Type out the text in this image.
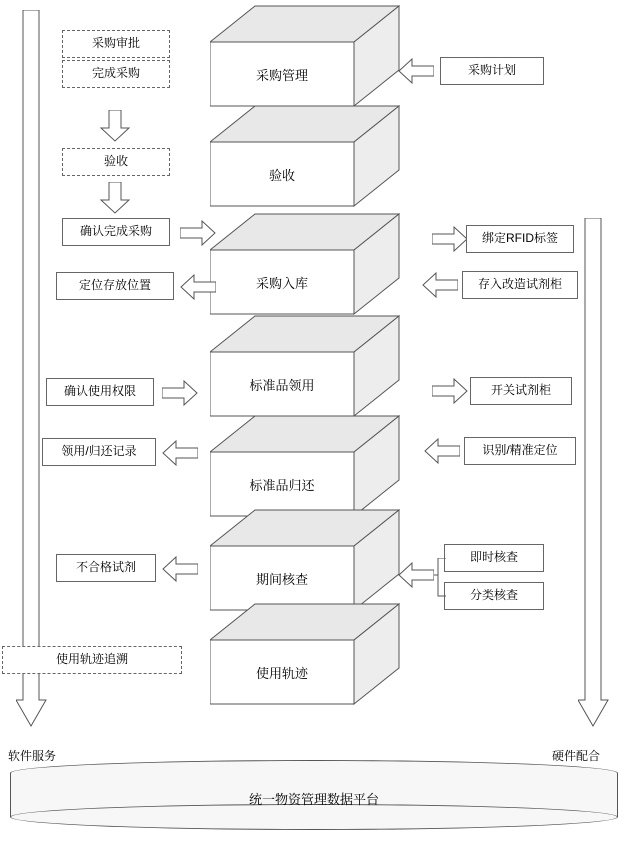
软件服务	硬件配合
采购管理
验收
采购入库
标准品领用
标准品归还
期间核查
使用轨迹
采购审批
完成采购
验收
确认完成采购
定位存放位置
确认使用权限
领用/归还记录
不合格试剂
使用轨迹追溯
采购计划
绑定RFID标签
存入改造试剂柜
开关试剂柜
识别/精准定位
即时核查
分类核查
统一物资管理数据平台
